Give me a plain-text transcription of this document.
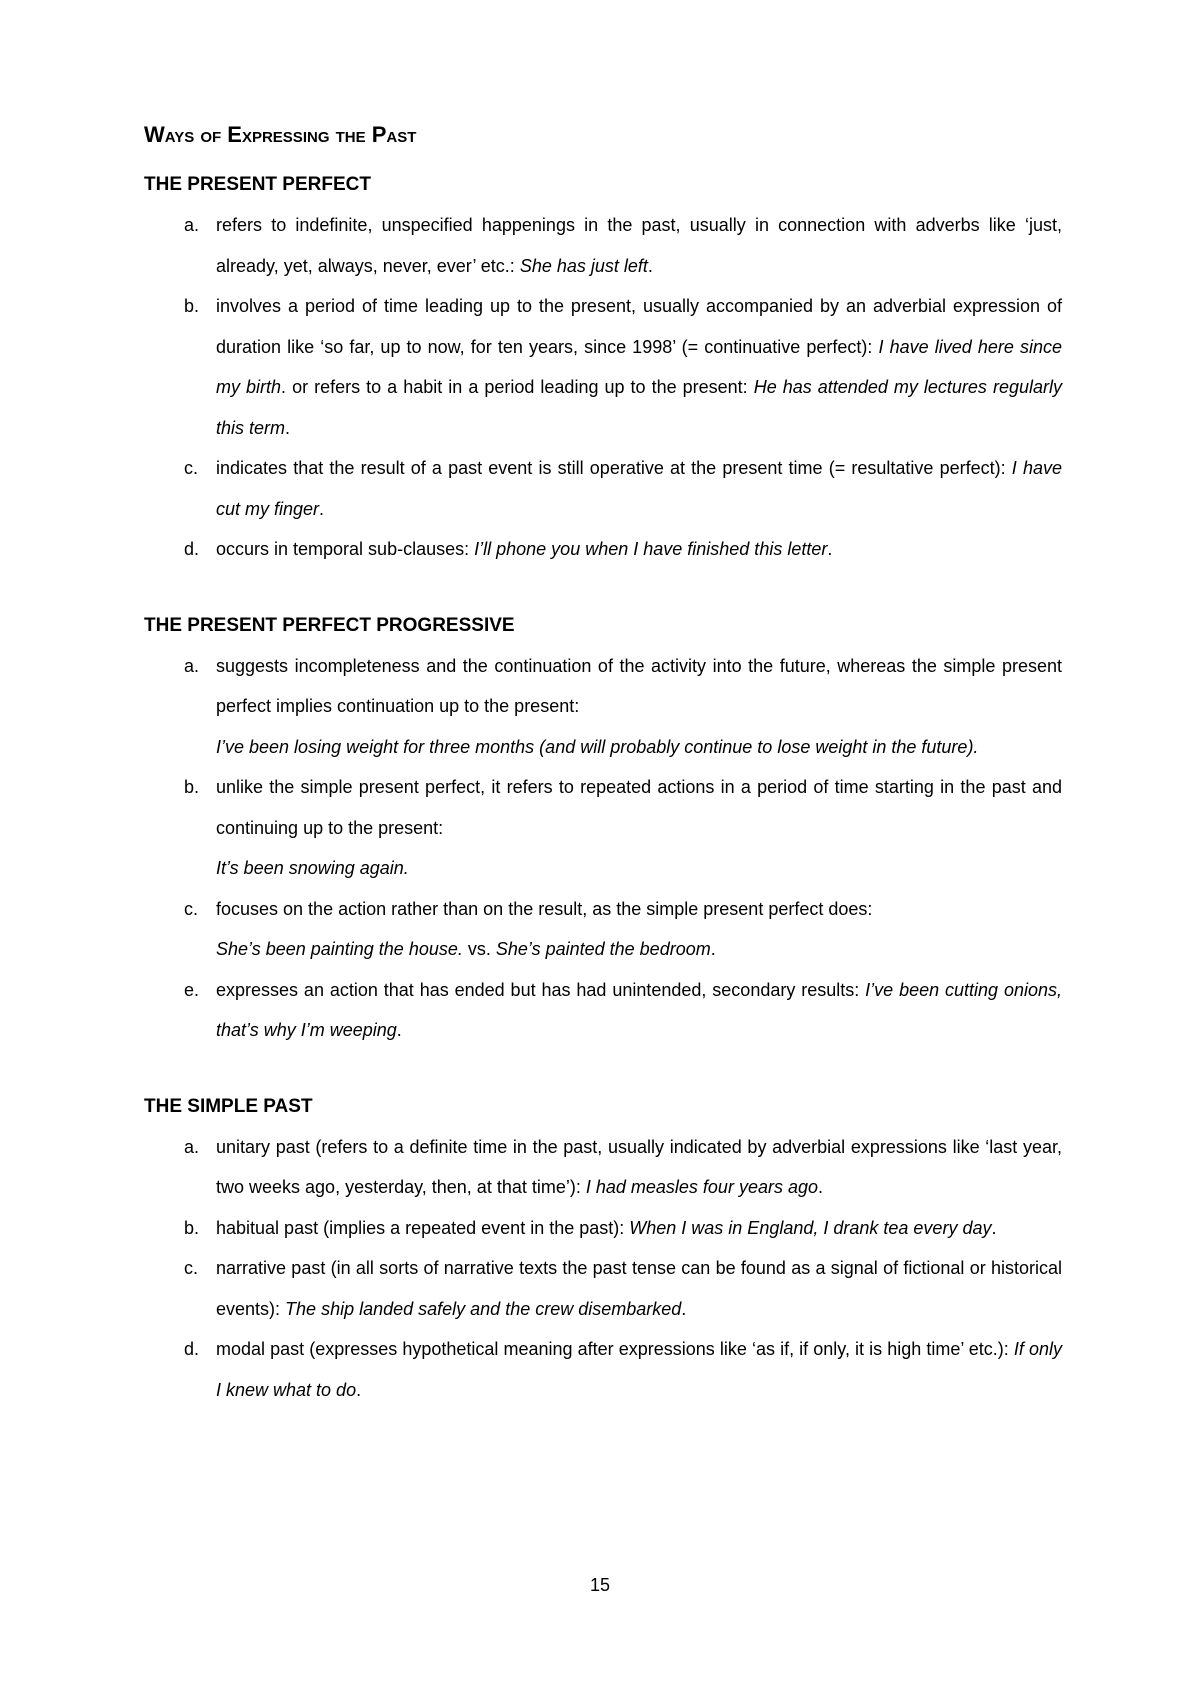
Ways of Expressing the Past
THE PRESENT PERFECT
a. refers to indefinite, unspecified happenings in the past, usually in connection with adverbs like ‘just, already, yet, always, never, ever’ etc.: She has just left.
b. involves a period of time leading up to the present, usually accompanied by an adverbial expression of duration like ‘so far, up to now, for ten years, since 1998’ (= continuative perfect): I have lived here since my birth. or refers to a habit in a period leading up to the present: He has attended my lectures regularly this term.
c. indicates that the result of a past event is still operative at the present time (= resultative perfect): I have cut my finger.
d. occurs in temporal sub-clauses: I’ll phone you when I have finished this letter.
THE PRESENT PERFECT PROGRESSIVE
a. suggests incompleteness and the continuation of the activity into the future, whereas the simple present perfect implies continuation up to the present:
I’ve been losing weight for three months (and will probably continue to lose weight in the future).
b. unlike the simple present perfect, it refers to repeated actions in a period of time starting in the past and continuing up to the present:
It’s been snowing again.
c. focuses on the action rather than on the result, as the simple present perfect does:
She’s been painting the house. vs. She’s painted the bedroom.
e. expresses an action that has ended but has had unintended, secondary results: I’ve been cutting onions, that’s why I’m weeping.
THE SIMPLE PAST
a. unitary past (refers to a definite time in the past, usually indicated by adverbial expressions like ‘last year, two weeks ago, yesterday, then, at that time’): I had measles four years ago.
b. habitual past (implies a repeated event in the past): When I was in England, I drank tea every day.
c. narrative past (in all sorts of narrative texts the past tense can be found as a signal of fictional or historical events): The ship landed safely and the crew disembarked.
d. modal past (expresses hypothetical meaning after expressions like ‘as if, if only, it is high time’ etc.): If only I knew what to do.
15
